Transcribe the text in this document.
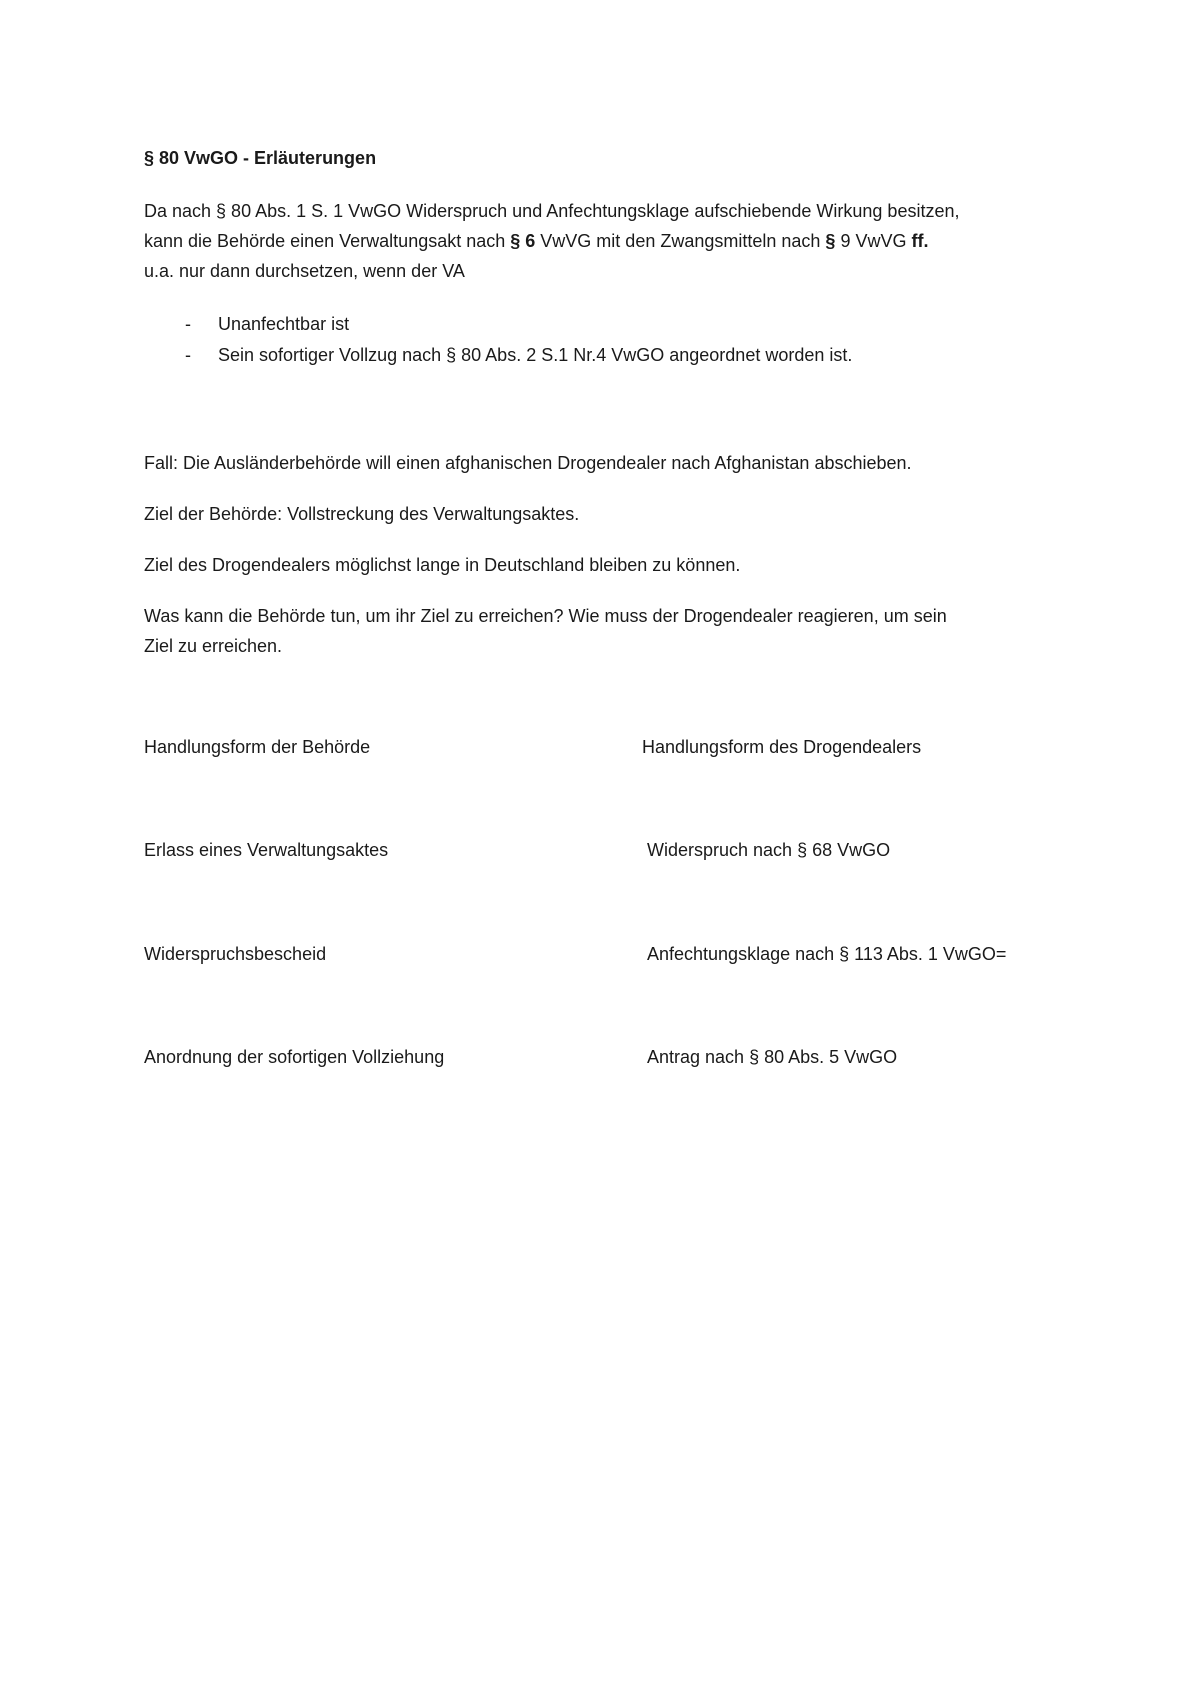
§ 80 VwGO - Erläuterungen
Da nach § 80 Abs. 1 S. 1 VwGO Widerspruch und Anfechtungsklage aufschiebende Wirkung besitzen,
kann die Behörde einen Verwaltungsakt nach § 6 VwVG mit den Zwangsmitteln nach § 9 VwVG ff.
u.a. nur dann durchsetzen, wenn der VA
- Unanfechtbar ist
- Sein sofortiger Vollzug nach § 80 Abs. 2 S.1 Nr.4 VwGO angeordnet worden ist.
Fall: Die Ausländerbehörde will einen afghanischen Drogendealer nach Afghanistan abschieben.
Ziel der Behörde: Vollstreckung des Verwaltungsaktes.
Ziel des Drogendealers möglichst lange in Deutschland bleiben zu können.
Was kann die Behörde tun, um ihr Ziel zu erreichen? Wie muss der Drogendealer reagieren, um sein
Ziel zu erreichen.
Handlungsform der Behörde	Handlungsform des Drogendealers
Erlass eines Verwaltungsaktes	Widerspruch nach § 68 VwGO
Widerspruchsbescheid	Anfechtungsklage nach § 113 Abs. 1 VwGO=
Anordnung der sofortigen Vollziehung	Antrag nach § 80 Abs. 5 VwGO
